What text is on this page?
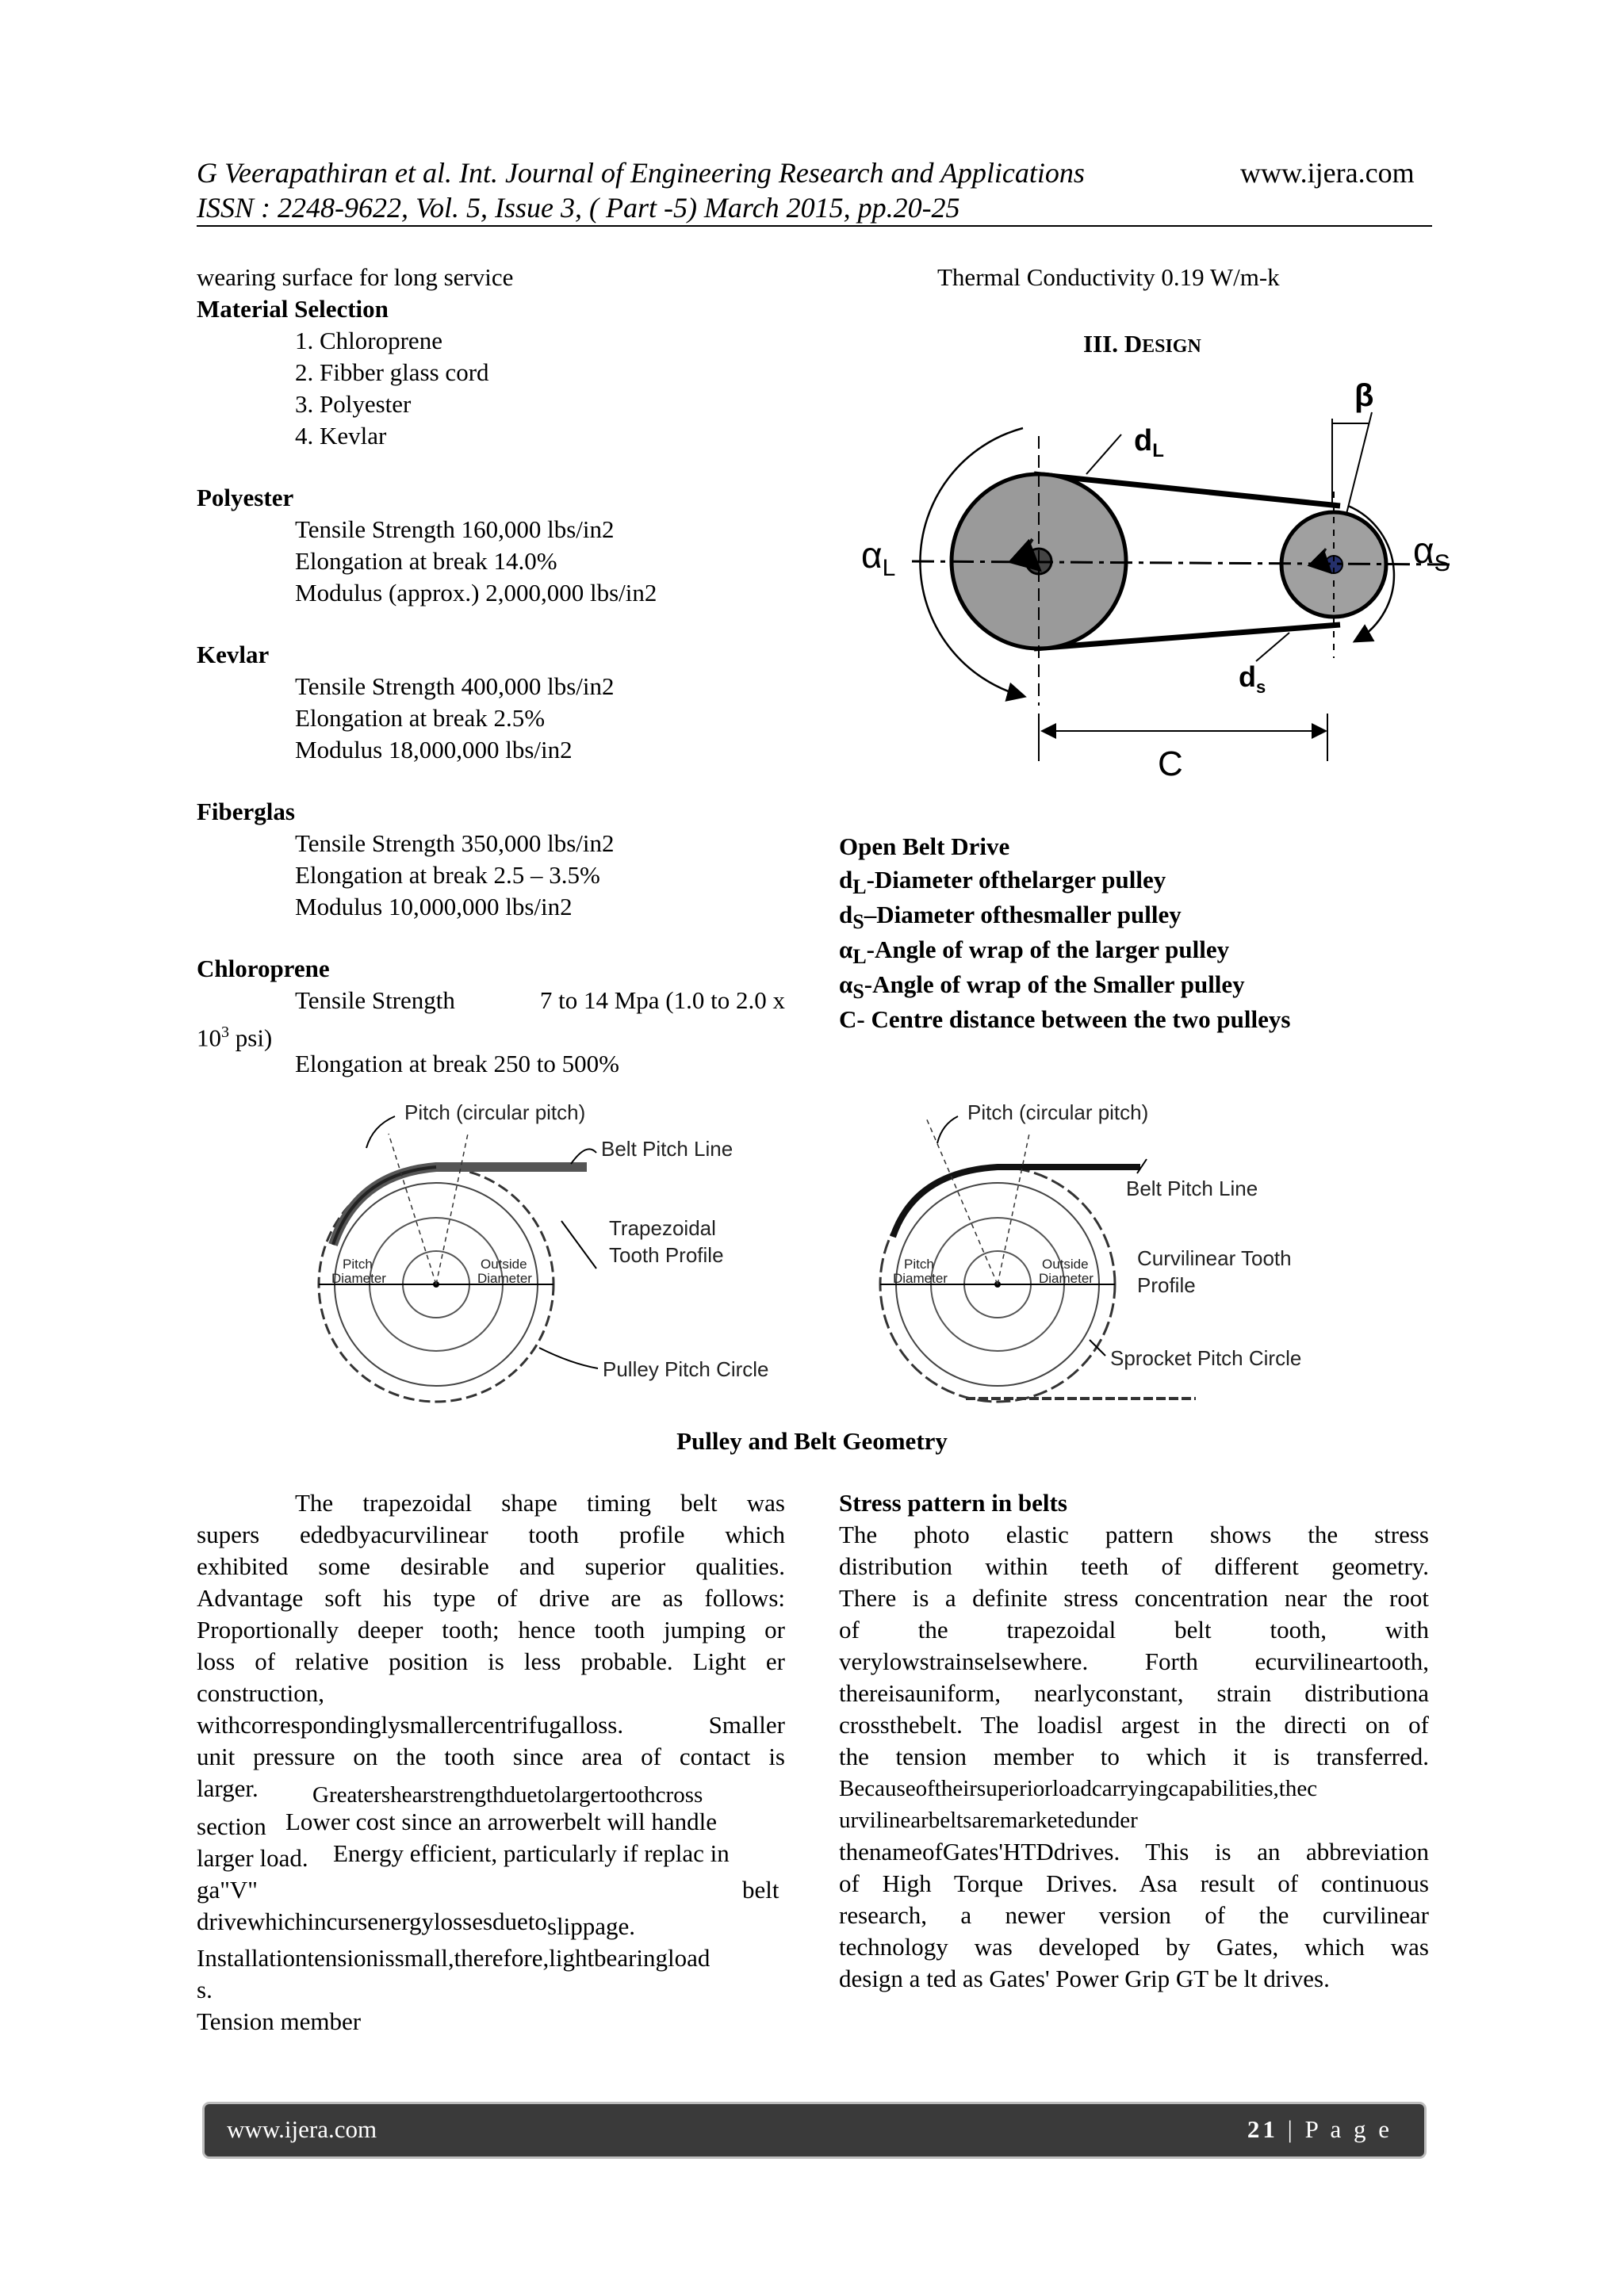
G Veerapathiran et al. Int. Journal of Engineering Research and Applications	www.ijera.com
ISSN : 2248-9622, Vol. 5, Issue 3, ( Part -5) March 2015, pp.20-25
wearing surface for long service
Material Selection
1. Chloroprene
2. Fibber glass cord
3. Polyester
4. Kevlar
Polyester
Tensile Strength 160,000 lbs/in2
Elongation at break 14.0%
Modulus (approx.) 2,000,000 lbs/in2
Kevlar
Tensile Strength 400,000 lbs/in2
Elongation at break 2.5%
Modulus 18,000,000 lbs/in2
Fiberglas
Tensile Strength 350,000 lbs/in2
Elongation at break 2.5 – 3.5%
Modulus 10,000,000 lbs/in2
Chloroprene
Tensile Strength	7 to 14 Mpa (1.0 to 2.0 x
$10^3$ psi)
Elongation at break 250 to 500%
Thermal Conductivity 0.19 W/m-k
III. DESIGN
$d_L$
$d_s$
$\alpha_L$	$\alpha_S$
β
C
Open Belt Drive
$d_L$-Diameter ofthelarger pulley
$d_S$–Diameter ofthesmaller pulley
$\alpha_L$-Angle of wrap of the larger pulley
$\alpha_S$-Angle of wrap of the Smaller pulley
C- Centre distance between the two pulleys
Pitch (circular pitch)
Belt Pitch Line
Trapezoidal
Tooth Profile
Pulley Pitch Circle
Pitch
Diameter
Outside
Diameter
Pitch (circular pitch)
Belt Pitch Line
Curvilinear Tooth
Profile
Sprocket Pitch Circle
Pitch
Diameter
Outside
Diameter
Pulley and Belt Geometry
The trapezoidal shape timing belt was
supers ededbyacurvilinear tooth profile which
exhibited some desirable and superior qualities.
Advantage soft his type of drive are as follows:
Proportionally deeper tooth; hence tooth jumping or
loss of relative position is less probable. Light er
construction,
withcorrespondinglysmallercentrifugalloss. Smaller
unit pressure on the tooth since area of contact is
larger. Greatershearstrengthduetolargertoothcross
section Lower cost since an arrowerbelt will handle
larger load. Energy efficient, particularly if replac in
ga"V"	belt
drivewhichincursenergylossesduetoslippage.
Installationtensionissmall,therefore,lightbearingload
s.
Tension member
Stress pattern in belts
The photo elastic pattern shows the stress
distribution within teeth of different geometry.
There is a definite stress concentration near the root
of the trapezoidal belt tooth, with
verylowstrainselsewhere. Forth ecurvilineartooth,
thereisauniform, nearlyconstant, strain distributiona
crossthebelt. The loadisl argest in the directi on of
the tension member to which it is transferred.
Becauseoftheirsuperiorloadcarryingcapabilities,thec
urvilinearbeltsaremarketedunder
thenameofGates'HTDdrives. This is an abbreviation
of High Torque Drives. Asa result of continuous
research, a newer version of the curvilinear
technology was developed by Gates, which was
design a ted as Gates' Power Grip GT be lt drives.
www.ijera.com	21 | P a g e
